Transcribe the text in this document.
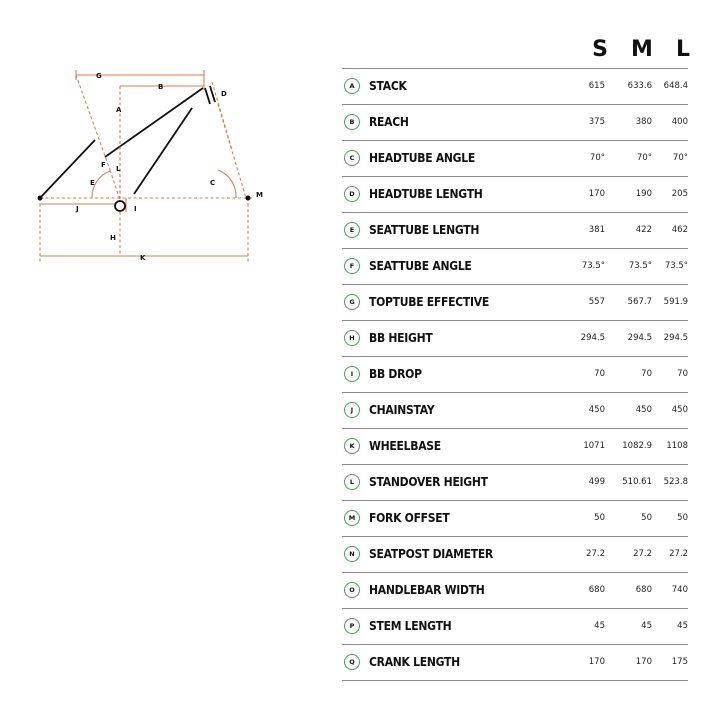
G
B
D
A
F L
E	C
M
J	I
H
K
S	M	L
A	STACK	615	633.6	648.4
B	REACH	375	380	400
C	HEADTUBE ANGLE	70°	70°	70°
D	HEADTUBE LENGTH	170	190	205
E	SEATTUBE LENGTH	381	422	462
F	SEATTUBE ANGLE	73.5°	73.5°	73.5°
G	TOPTUBE EFFECTIVE	557	567.7	591.9
H	BB HEIGHT	294.5	294.5	294.5
I	BB DROP	70	70	70
J	CHAINSTAY	450	450	450
K	WHEELBASE	1071	1082.9	1108
L	STANDOVER HEIGHT	499	510.61	523.8
M	FORK OFFSET	50	50	50
N	SEATPOST DIAMETER	27.2	27.2	27.2
O	HANDLEBAR WIDTH	680	680	740
P	STEM LENGTH	45	45	45
Q	CRANK LENGTH	170	170	175
